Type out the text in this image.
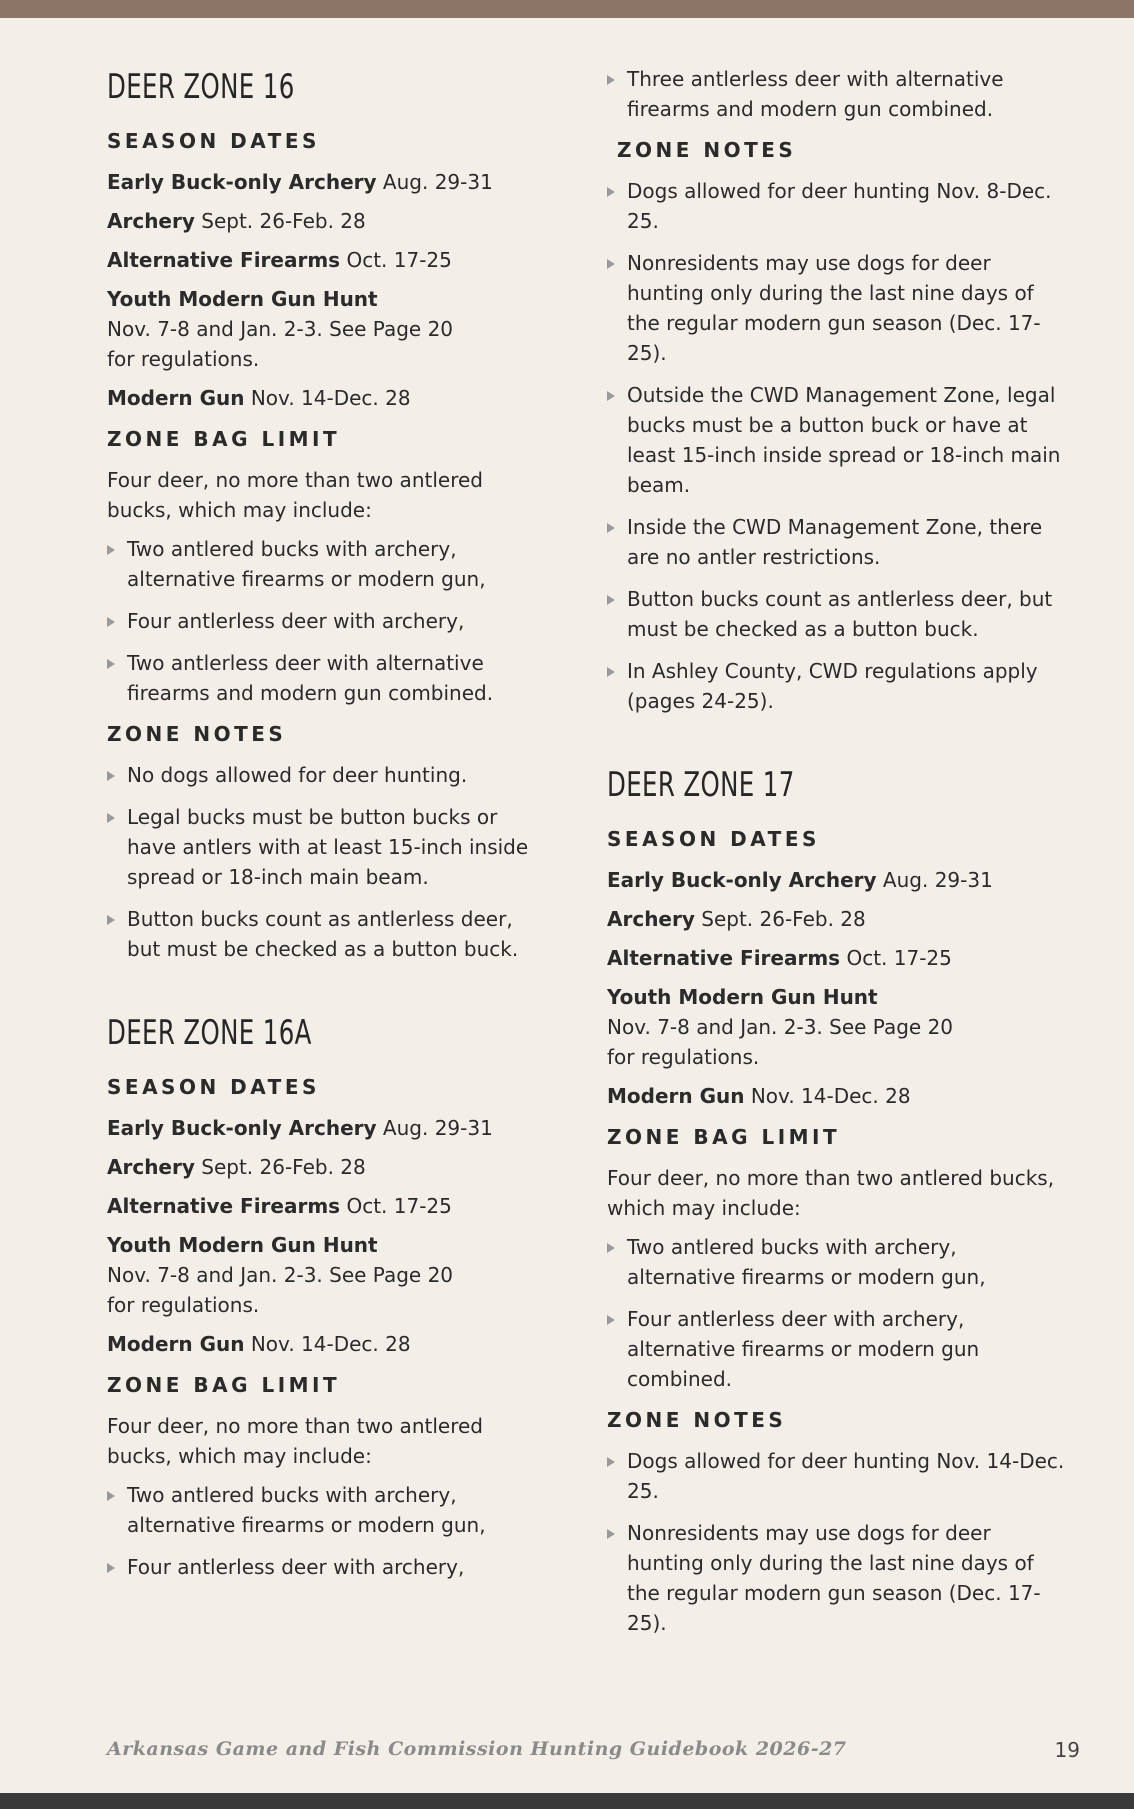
DEER ZONE 16
SEASON DATES
Early Buck-only Archery Aug. 29-31
Archery Sept. 26-Feb. 28
Alternative Firearms Oct. 17-25
Youth Modern Gun Hunt
Nov. 7-8 and Jan. 2-3. See Page 20
for regulations.
Modern Gun Nov. 14-Dec. 28
ZONE BAG LIMIT

Four deer, no more than two antlered bucks, which may include:

Two antlered bucks with archery, alternative firearms or modern gun,
Four antlerless deer with archery,
Two antlerless deer with alternative firearms and modern gun combined.
ZONE NOTES
No dogs allowed for deer hunting.
Legal bucks must be button bucks or have antlers with at least 15-inch inside spread or 18-inch main beam.
Button bucks count as antlerless deer, but must be checked as a button buck.
DEER ZONE 16A
SEASON DATES
Early Buck-only Archery Aug. 29-31
Archery Sept. 26-Feb. 28
Alternative Firearms Oct. 17-25
Youth Modern Gun Hunt
Nov. 7-8 and Jan. 2-3. See Page 20
for regulations.
Modern Gun Nov. 14-Dec. 28
ZONE BAG LIMIT

Four deer, no more than two antlered bucks, which may include:

Two antlered bucks with archery, alternative firearms or modern gun,
Four antlerless deer with archery,
Three antlerless deer with alternative firearms and modern gun combined.
ZONE NOTES
Dogs allowed for deer hunting Nov. 8-Dec. 25.
Nonresidents may use dogs for deer hunting only during the last nine days of the regular modern gun season (Dec. 17-25).
Outside the CWD Management Zone, legal bucks must be a button buck or have at least 15-inch inside spread or 18-inch main beam.
Inside the CWD Management Zone, there are no antler restrictions.
Button bucks count as antlerless deer, but must be checked as a button buck.
In Ashley County, CWD regulations apply (pages 24-25).
DEER ZONE 17
SEASON DATES
Early Buck-only Archery Aug. 29-31
Archery Sept. 26-Feb. 28
Alternative Firearms Oct. 17-25
Youth Modern Gun Hunt
Nov. 7-8 and Jan. 2-3. See Page 20
for regulations.
Modern Gun Nov. 14-Dec. 28
ZONE BAG LIMIT

Four deer, no more than two antlered bucks, which may include:

Two antlered bucks with archery, alternative firearms or modern gun,
Four antlerless deer with archery, alternative firearms or modern gun combined.
ZONE NOTES
Dogs allowed for deer hunting Nov. 14-Dec. 25.
Nonresidents may use dogs for deer hunting only during the last nine days of the regular modern gun season (Dec. 17-25).
Arkansas Game and Fish Commission Hunting Guidebook 2026-27	19
